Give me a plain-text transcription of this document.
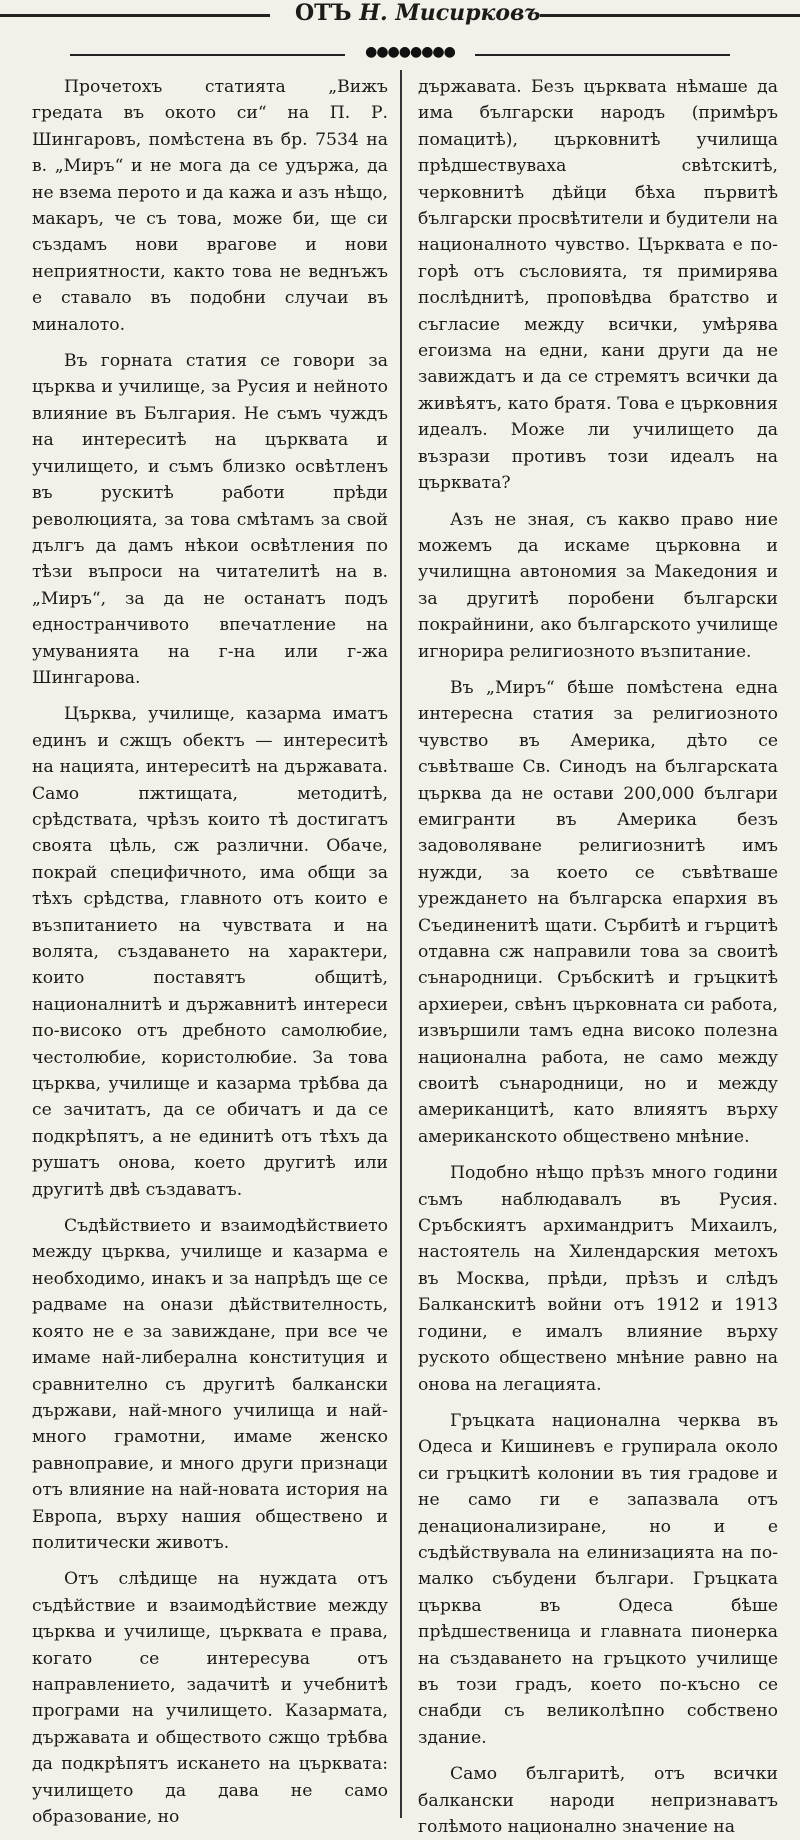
ОТЪ Н. Мисирковъ
●●●●●●●●

Прочетохъ статията „Вижъ гредата въ окото си“ на П. Р. Шингаровъ, помѣстена въ бр. 7534 на в. „Миръ“ и не мога да се удържа, да не взема перото и да кажа и азъ нѣщо, макаръ, че съ това, може би, ще си създамъ нови врагове и нови неприятности, както това не веднъжъ е ставало въ подобни случаи въ миналото.

Въ горната статия се говори за църква и училище, за Русия и нейното влияние въ България. Не съмъ чуждъ на интереситѣ на църквата и училището, и съмъ близко освѣтленъ въ рускитѣ работи прѣди революцията, за това смѣтамъ за свой дългъ да дамъ нѣкои освѣтления по тѣзи въпроси на читателитѣ на в. „Миръ“, за да не останатъ подъ едностранчивото впечатление на умуванията на г-на или г-жа Шингарова.

Църква, училище, казарма иматъ единъ и сжщъ обектъ — интереситѣ на нацията, интереситѣ на държавата. Само пжтищата, методитѣ, срѣдствата, чрѣзъ които тѣ достигатъ своята цѣль, сж различни. Обаче, покрай специфичното, има общи за тѣхъ срѣдства, главното отъ които е възпитанието на чувствата и на волята, създаването на характери, които поставятъ общитѣ, националнитѣ и държавнитѣ интереси по-високо отъ дребното самолюбие, честолюбие, користолюбие. За това църква, училище и казарма трѣбва да се зачитатъ, да се обичатъ и да се подкрѣпятъ, а не единитѣ отъ тѣхъ да рушатъ онова, което другитѣ или другитѣ двѣ създаватъ.

Съдѣйствието и взаимодѣйствието между църква, училище и казарма е необходимо, инакъ и за напрѣдъ ще се радваме на онази дѣйствителность, която не е за завиждане, при все че имаме най-либерална конституция и сравнително съ другитѣ балкански държави, най-много училища и най-много грамотни, имаме женско равноправие, и много други признаци отъ влияние на най-новата история на Европа, върху нашия обществено и политически животъ.

Отъ слѣдище на нуждата отъ съдѣйствие и взаимодѣйствие между църква и училище, църквата е права, когато се интересува отъ направлението, задачитѣ и учебнитѣ програми на училището. Казармата, държавата и обществото сжщо трѣбва да подкрѣпятъ искането на църквата: училището да дава не само образование, но

държавата. Безъ църквата нѣмаше да има български народъ (примѣръ помацитѣ), църковнитѣ училища прѣдшествуваха свѣтскитѣ, черковнитѣ дѣйци бѣха първитѣ български просвѣтители и будители на националното чувство. Църквата е по-горѣ отъ съсловията, тя примирява послѣднитѣ, проповѣдва братство и съгласие между всички, умѣрява егоизма на едни, кани други да не завиждатъ и да се стремятъ всички да живѣятъ, като братя. Това е църковния идеалъ. Може ли училището да възрази противъ този идеалъ на църквата?

Азъ не зная, съ какво право ние можемъ да искаме църковна и училищна автономия за Македония и за другитѣ поробени български покрайнини, ако българското училище игнорира религиозното възпитание.

Въ „Миръ“ бѣше помѣстена една интересна статия за религиозното чувство въ Америка, дѣто се съвѣтваше Св. Синодъ на българската църква да не остави 200,000 българи емигранти въ Америка безъ задоволяване религиознитѣ имъ нужди, за което се съвѣтваше уреждането на българска епархия въ Съединенитѣ щати. Сърбитѣ и гърцитѣ отдавна сж направили това за своитѣ сънародници. Сръбскитѣ и гръцкитѣ архиереи, свѣнъ църковната си работа, извършили тамъ една високо полезна национална работа, не само между своитѣ сънародници, но и между американцитѣ, като влияятъ върху американското обществено мнѣние.

Подобно нѣщо прѣзъ много години съмъ наблюдавалъ въ Русия. Сръбскиятъ архимандритъ Михаилъ, настоятель на Хилендарския метохъ въ Москва, прѣди, прѣзъ и слѣдъ Балканскитѣ войни отъ 1912 и 1913 години, е ималъ влияние върху руското обществено мнѣние равно на онова на легацията.

Гръцката национална черква въ Одеса и Кишиневъ е групирала около си гръцкитѣ колонии въ тия градове и не само ги е запазвала отъ денационализиране, но и е съдѣйствувала на елинизацията на по-малко събудени българи. Гръцката църква въ Одеса бѣше прѣдшественица и главната пионерка на създаването на гръцкото училище въ този градъ, което по-късно се снабди съ великолѣпно собствено здание.

Само българитѣ, отъ всички балкански народи непризнаватъ голѣмото национално значение на
